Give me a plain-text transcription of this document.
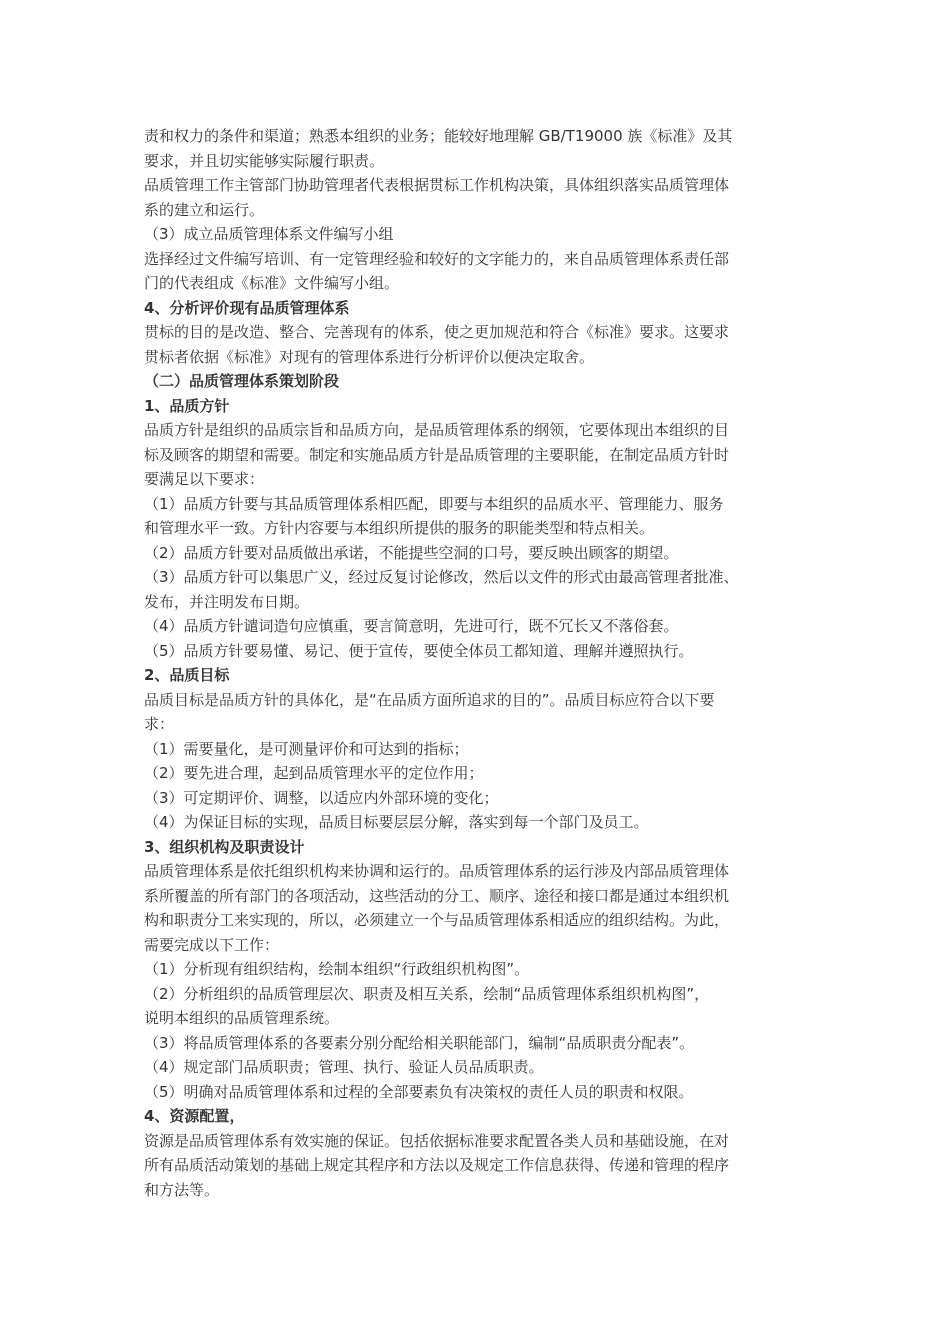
责和权力的条件和渠道；熟悉本组织的业务；能较好地理解 GB/T19000 族《标准》及其
要求，并且切实能够实际履行职责。
品质管理工作主管部门协助管理者代表根据贯标工作机构决策，具体组织落实品质管理体
系的建立和运行。
（3）成立品质管理体系文件编写小组
选择经过文件编写培训、有一定管理经验和较好的文字能力的，来自品质管理体系责任部
门的代表组成《标准》文件编写小组。
4、分析评价现有品质管理体系
贯标的目的是改造、整合、完善现有的体系，使之更加规范和符合《标准》要求。这要求
贯标者依据《标准》对现有的管理体系进行分析评价以便决定取舍。
（二）品质管理体系策划阶段
1、品质方针
品质方针是组织的品质宗旨和品质方向，是品质管理体系的纲领，它要体现出本组织的目
标及顾客的期望和需要。制定和实施品质方针是品质管理的主要职能，在制定品质方针时
要满足以下要求：
（1）品质方针要与其品质管理体系相匹配，即要与本组织的品质水平、管理能力、服务
和管理水平一致。方针内容要与本组织所提供的服务的职能类型和特点相关。
（2）品质方针要对品质做出承诺，不能提些空洞的口号，要反映出顾客的期望。
（3）品质方针可以集思广义，经过反复讨论修改，然后以文件的形式由最高管理者批准、
发布，并注明发布日期。
（4）品质方针谴词造句应慎重，要言简意明，先进可行，既不冗长又不落俗套。
（5）品质方针要易懂、易记、便于宣传，要使全体员工都知道、理解并遵照执行。
2、品质目标
品质目标是品质方针的具体化，是“在品质方面所追求的目的”。品质目标应符合以下要
求：
（1）需要量化，是可测量评价和可达到的指标；
（2）要先进合理，起到品质管理水平的定位作用；
（3）可定期评价、调整，以适应内外部环境的变化；
（4）为保证目标的实现，品质目标要层层分解，落实到每一个部门及员工。
3、组织机构及职责设计
品质管理体系是依托组织机构来协调和运行的。品质管理体系的运行涉及内部品质管理体
系所覆盖的所有部门的各项活动，这些活动的分工、顺序、途径和接口都是通过本组织机
构和职责分工来实现的，所以，必须建立一个与品质管理体系相适应的组织结构。为此，
需要完成以下工作：
（1）分析现有组织结构，绘制本组织“行政组织机构图”。
（2）分析组织的品质管理层次、职责及相互关系，绘制“品质管理体系组织机构图”，
说明本组织的品质管理系统。
（3）将品质管理体系的各要素分别分配给相关职能部门，编制“品质职责分配表”。
（4）规定部门品质职责；管理、执行、验证人员品质职责。
（5）明确对品质管理体系和过程的全部要素负有决策权的责任人员的职责和权限。
4、资源配置，
资源是品质管理体系有效实施的保证。包括依据标准要求配置各类人员和基础设施，在对
所有品质活动策划的基础上规定其程序和方法以及规定工作信息获得、传递和管理的程序
和方法等。
